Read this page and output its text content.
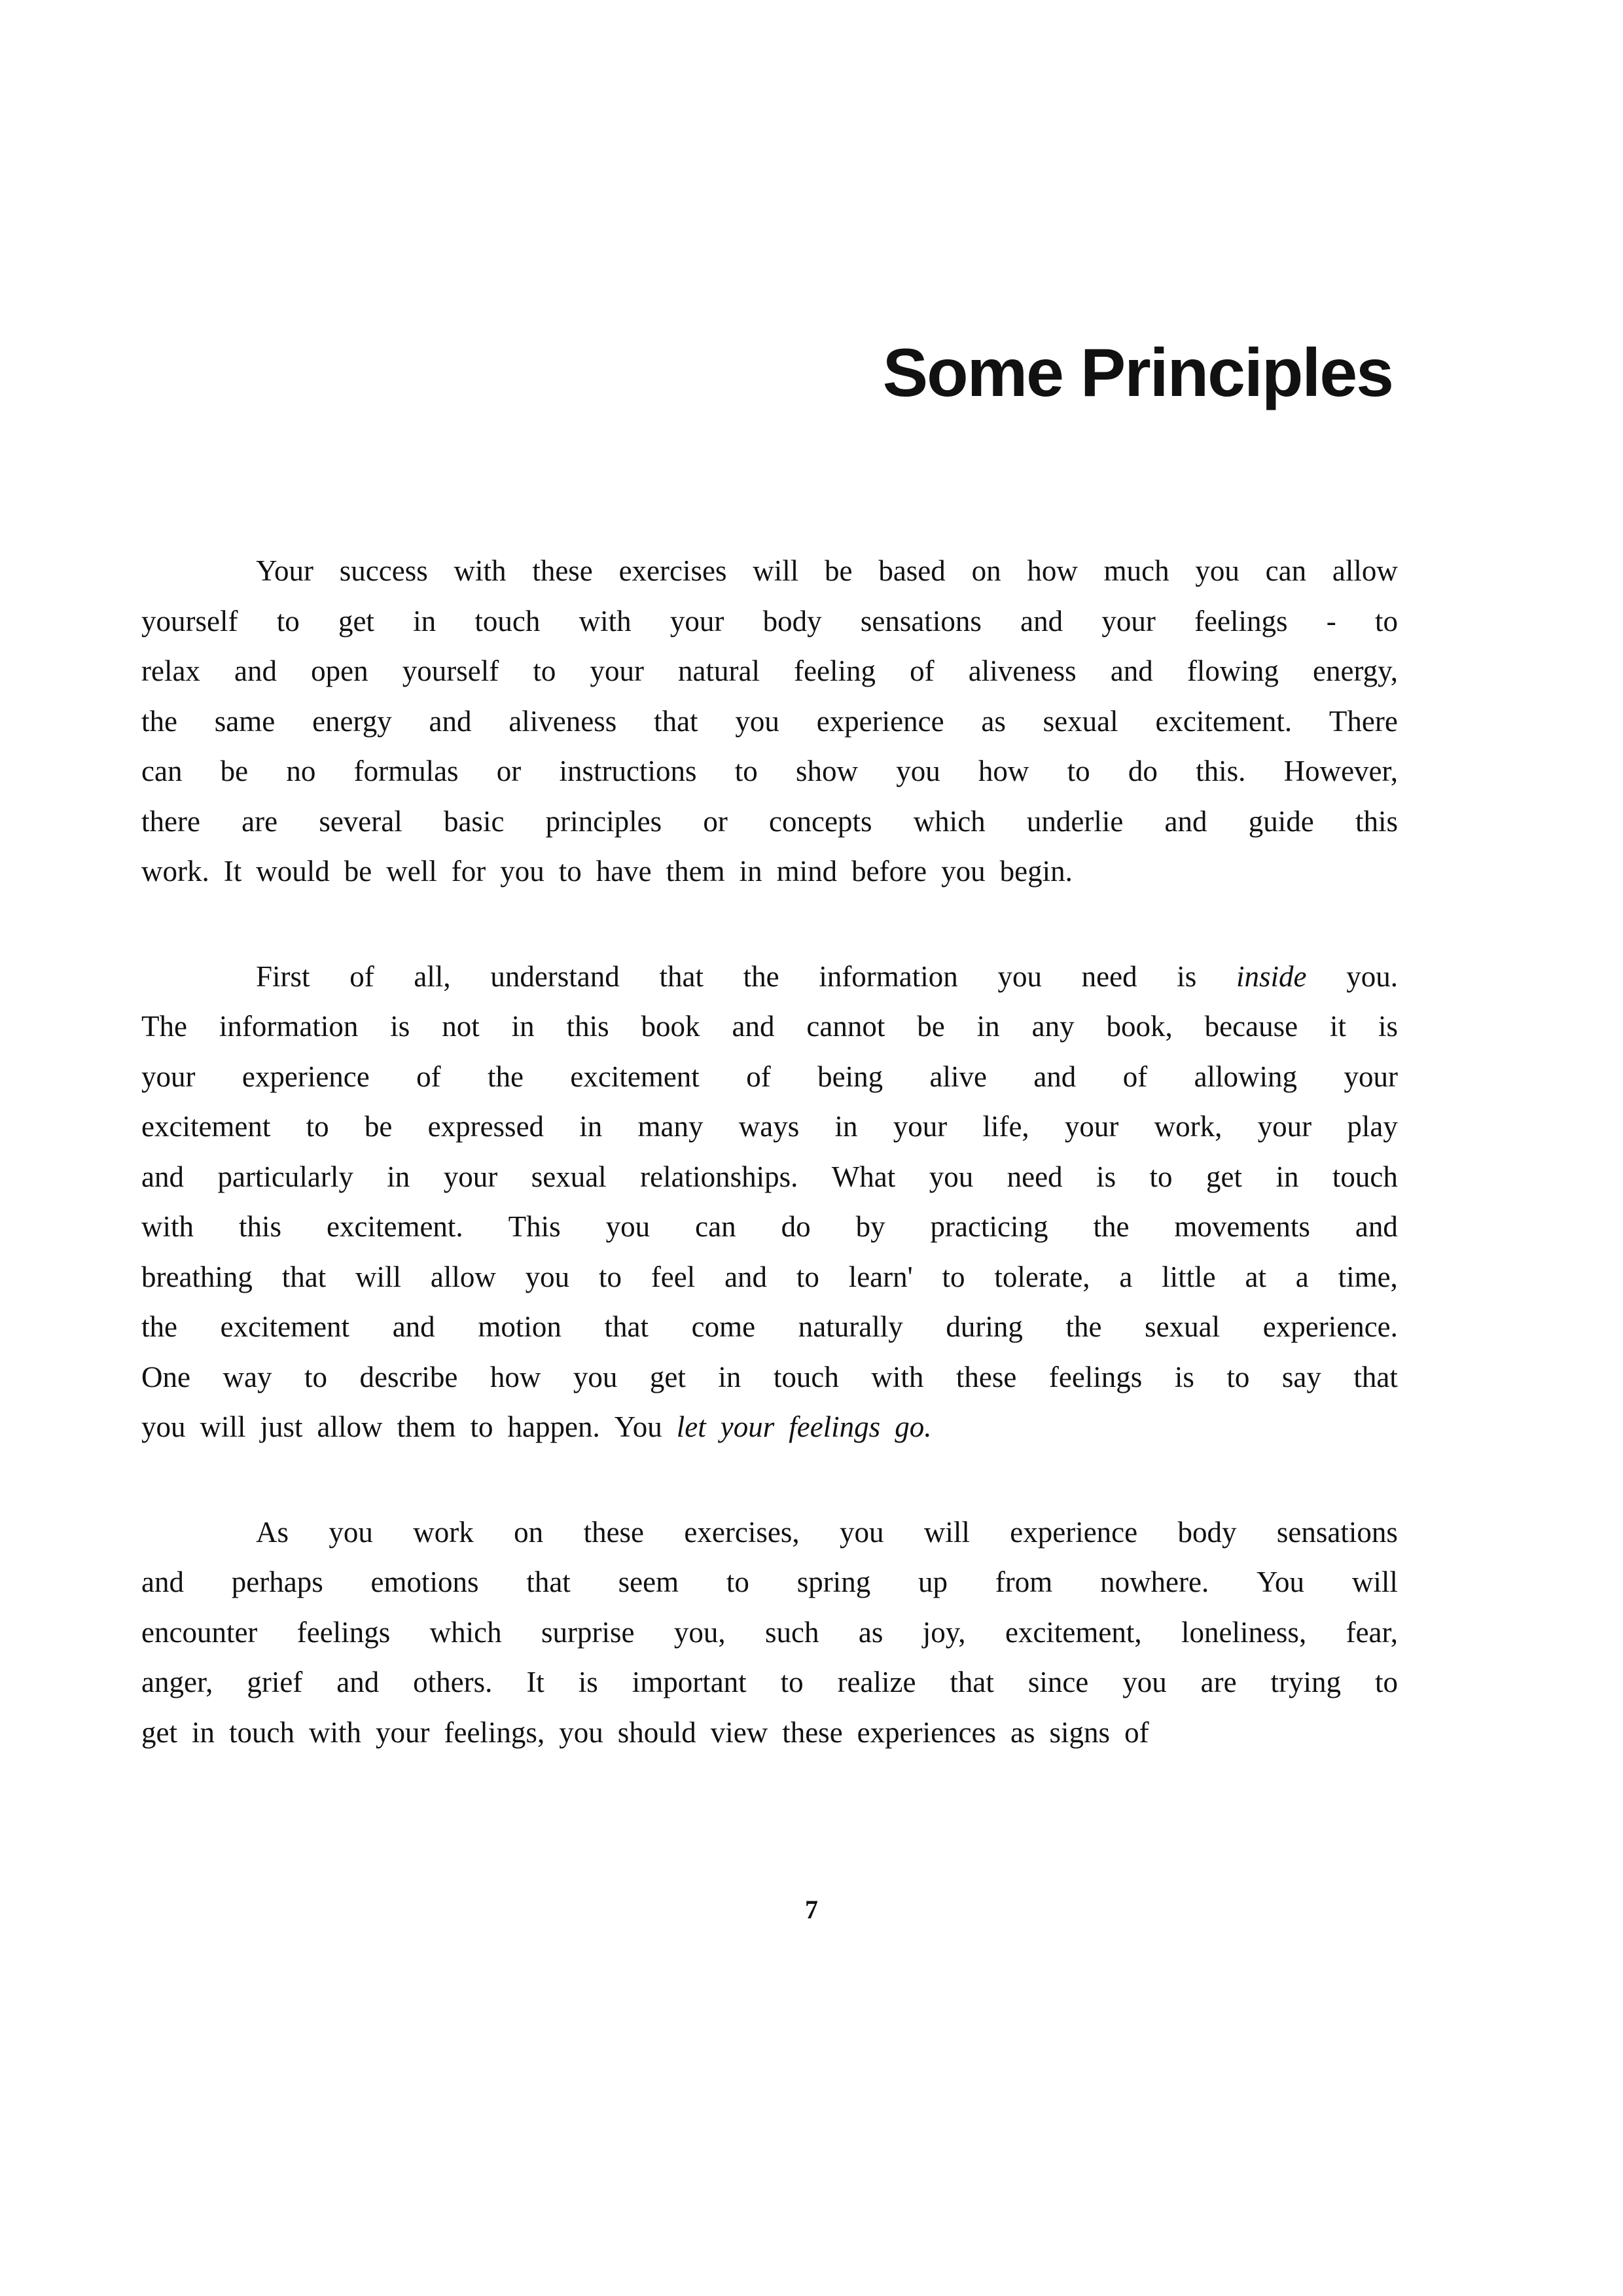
Some Principles
Your success with these exercises will be based on how much you can allow
yourself to get in touch with your body sensations and your feelings - to
relax and open yourself to your natural feeling of aliveness and flowing energy,
the same energy and aliveness that you experience as sexual excitement. There
can be no formulas or instructions to show you how to do this. However,
there are several basic principles or concepts which underlie and guide this
work. It would be well for you to have them in mind before you begin.
First of all, understand that the information you need is inside you.
The information is not in this book and cannot be in any book, because it is
your experience of the excitement of being alive and of allowing your
excitement to be expressed in many ways in your life, your work, your play
and particularly in your sexual relationships. What you need is to get in touch
with this excitement. This you can do by practicing the movements and
breathing that will allow you to feel and to learn' to tolerate, a little at a time,
the excitement and motion that come naturally during the sexual experience.
One way to describe how you get in touch with these feelings is to say that
you will just allow them to happen. You let your feelings go.
As you work on these exercises, you will experience body sensations
and perhaps emotions that seem to spring up from nowhere. You will
encounter feelings which surprise you, such as joy, excitement, loneliness, fear,
anger, grief and others. It is important to realize that since you are trying to
get in touch with your feelings, you should view these experiences as signs of
7
